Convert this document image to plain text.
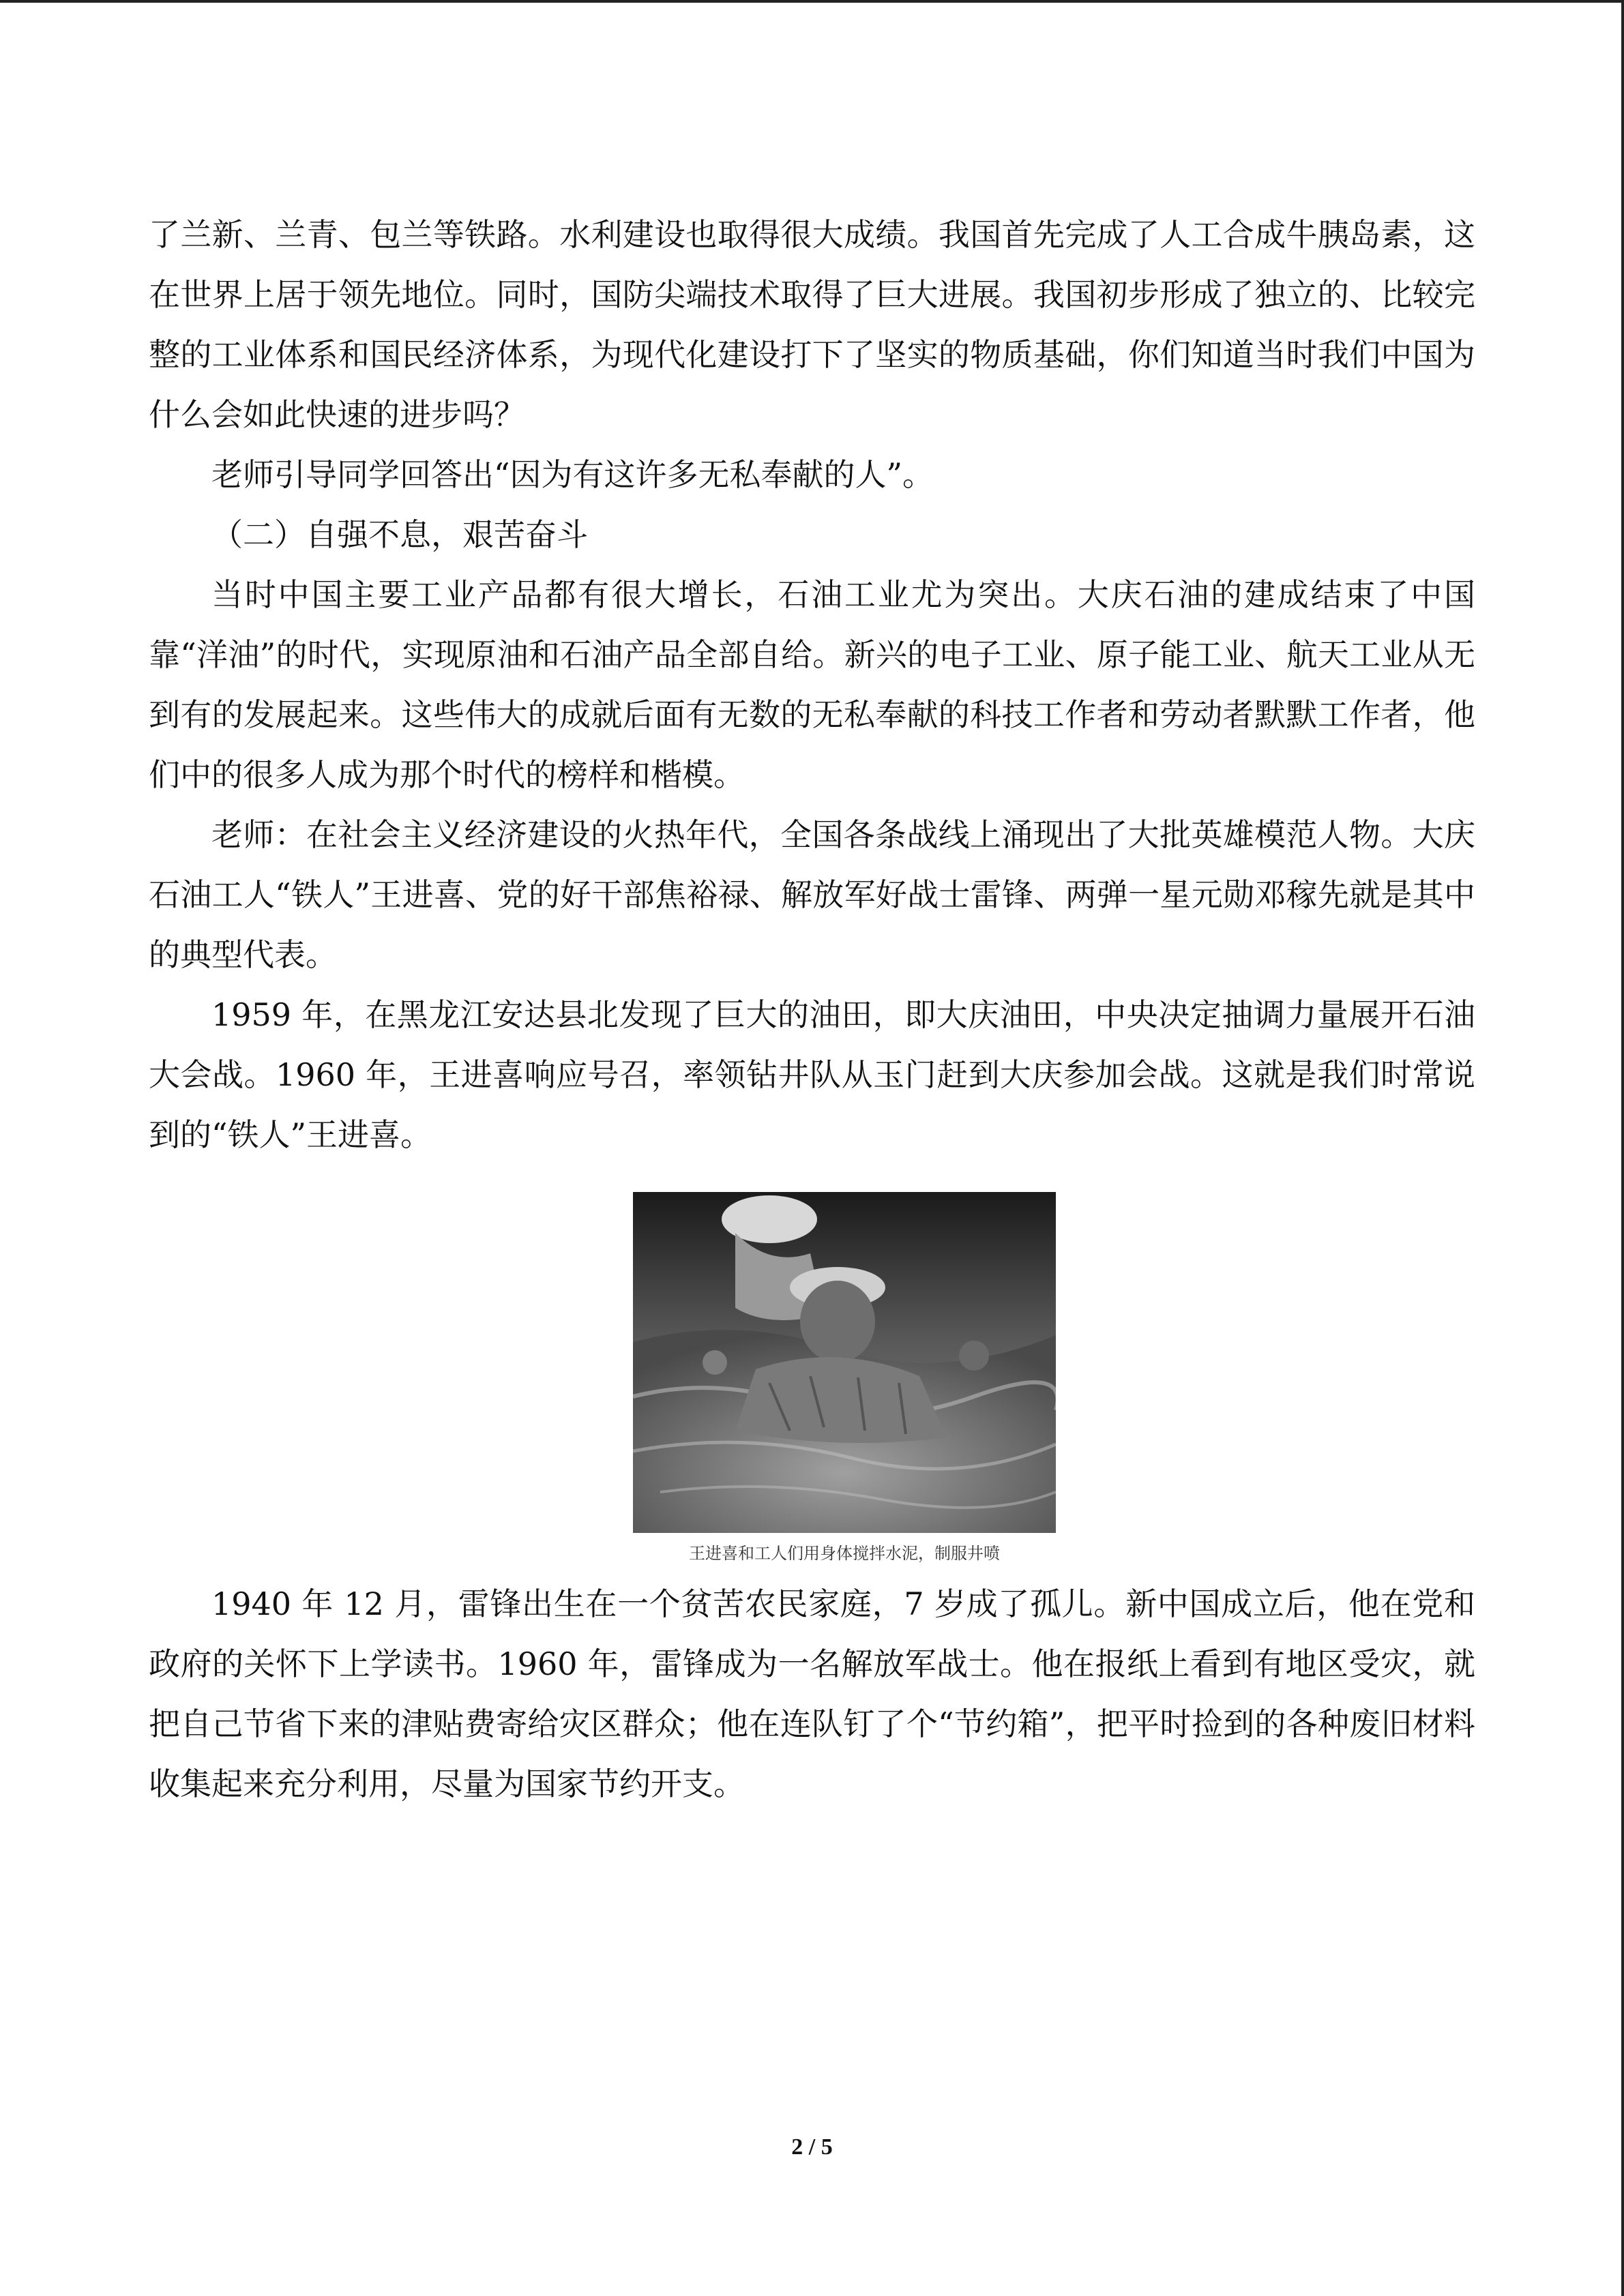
了兰新、兰青、包兰等铁路。水利建设也取得很大成绩。我国首先完成了人工合成牛胰岛素，这在世界上居于领先地位。同时，国防尖端技术取得了巨大进展。我国初步形成了独立的、比较完整的工业体系和国民经济体系，为现代化建设打下了坚实的物质基础，你们知道当时我们中国为什么会如此快速的进步吗？

老师引导同学回答出“因为有这许多无私奉献的人”。

（二）自强不息，艰苦奋斗

当时中国主要工业产品都有很大增长，石油工业尤为突出。大庆石油的建成结束了中国靠“洋油”的时代，实现原油和石油产品全部自给。新兴的电子工业、原子能工业、航天工业从无到有的发展起来。这些伟大的成就后面有无数的无私奉献的科技工作者和劳动者默默工作者，他们中的很多人成为那个时代的榜样和楷模。

老师：在社会主义经济建设的火热年代，全国各条战线上涌现出了大批英雄模范人物。大庆石油工人“铁人”王进喜、党的好干部焦裕禄、解放军好战士雷锋、两弹一星元勋邓稼先就是其中的典型代表。

1959 年，在黑龙江安达县北发现了巨大的油田，即大庆油田，中央决定抽调力量展开石油大会战。1960 年，王进喜响应号召，率领钻井队从玉门赶到大庆参加会战。这就是我们时常说到的“铁人”王进喜。

王进喜和工人们用身体搅拌水泥，制服井喷

1940 年 12 月，雷锋出生在一个贫苦农民家庭，7 岁成了孤儿。新中国成立后，他在党和政府的关怀下上学读书。1960 年，雷锋成为一名解放军战士。他在报纸上看到有地区受灾，就把自己节省下来的津贴费寄给灾区群众；他在连队钉了个“节约箱”，把平时捡到的各种废旧材料收集起来充分利用，尽量为国家节约开支。

2 / 5
